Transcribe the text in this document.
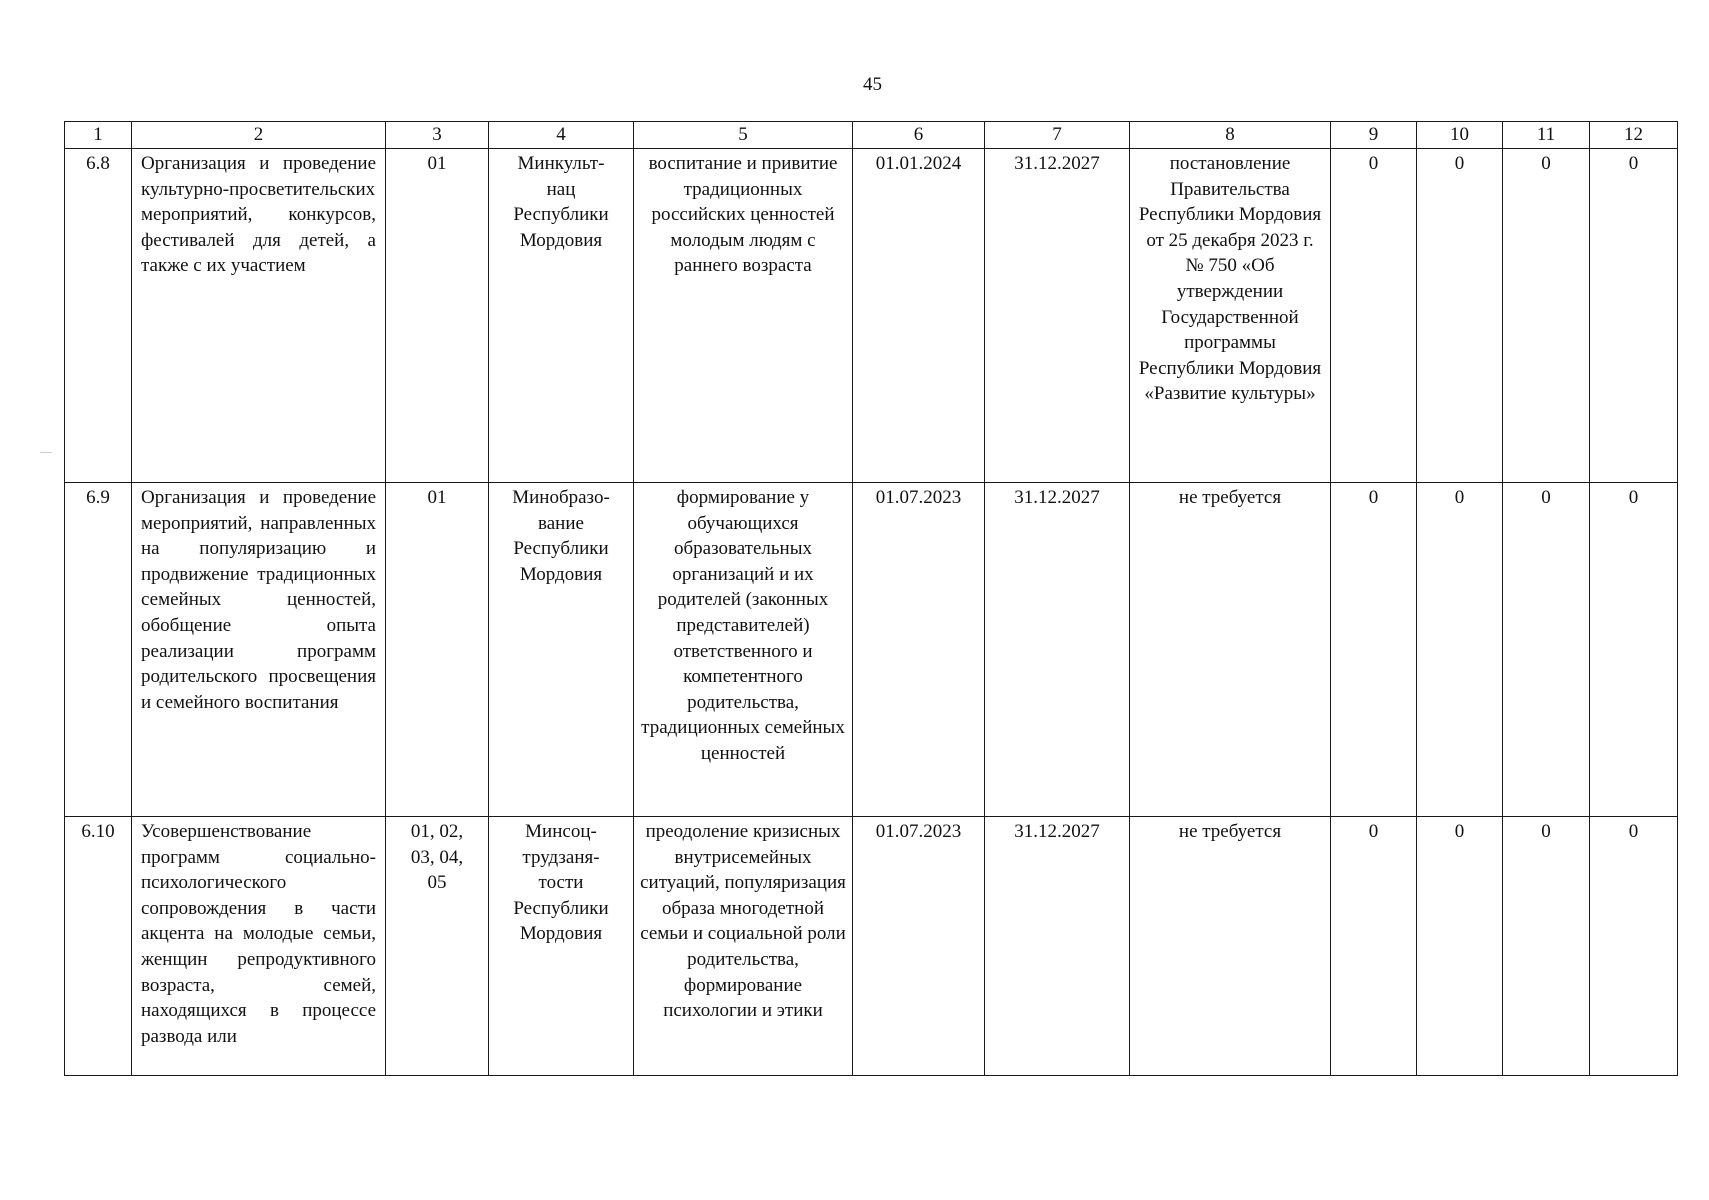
45
1	2	3	4	5	6	7	8	9	10	11	12
6.8	Организация и проведение культурно-просветительских мероприятий, конкурсов, фестивалей для детей, а также с их участием	01	Минкульт-
нац
Республики
Мордовия	воспитание и привитие традиционных российских ценностей молодым людям с раннего возраста	01.01.2024	31.12.2027	постановление Правительства Республики Мордовия от 25 декабря 2023 г. № 750 «Об утверждении Государственной программы Республики Мордовия «Развитие культуры»	0	0	0	0
6.9	Организация и проведение мероприятий, направленных на популяризацию и продвижение традиционных семейных ценностей, обобщение опыта реализации программ родительского просвещения и семейного воспитания	01	Минобразо-
вание
Республики
Мордовия	формирование у обучающихся образовательных организаций и их родителей (законных представителей) ответственного и компетентного родительства, традиционных семейных ценностей	01.07.2023	31.12.2027	не требуется	0	0	0	0
6.10	Усовершенствование программ социально-психологического сопровождения в части акцента на молодые семьи, женщин репродуктивного возраста, семей, находящихся в процессе развода или	01, 02,
03, 04,
05	Минсоц-
трудзаня-
тости
Республики
Мордовия	преодоление кризисных внутрисемейных ситуаций, популяризация образа многодетной семьи и социальной роли родительства, формирование психологии и этики	01.07.2023	31.12.2027	не требуется	0	0	0	0
